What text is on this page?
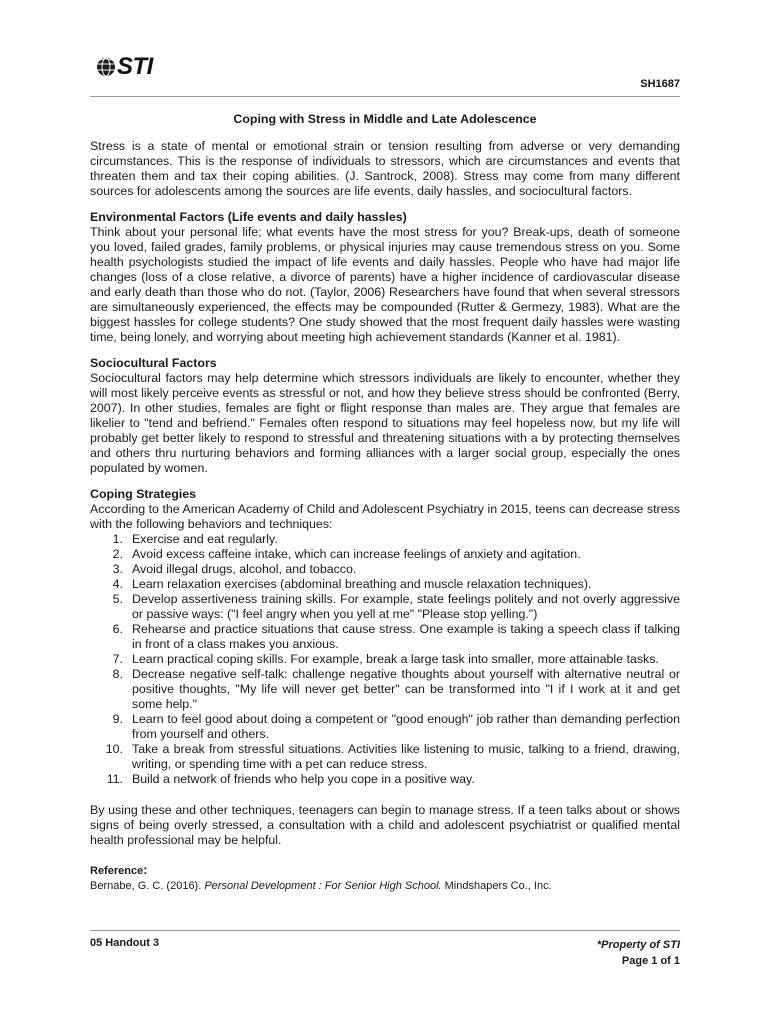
STI
SH1687

Coping with Stress in Middle and Late Adolescence

Stress is a state of mental or emotional strain or tension resulting from adverse or very demanding circumstances. This is the response of individuals to stressors, which are circumstances and events that threaten them and tax their coping abilities. (J. Santrock, 2008). Stress may come from many different sources for adolescents among the sources are life events, daily hassles, and sociocultural factors.

Environmental Factors (Life events and daily hassles)

Think about your personal life; what events have the most stress for you? Break-ups, death of someone you loved, failed grades, family problems, or physical injuries may cause tremendous stress on you. Some health psychologists studied the impact of life events and daily hassles. People who have had major life changes (loss of a close relative, a divorce of parents) have a higher incidence of cardiovascular disease and early death than those who do not. (Taylor, 2006) Researchers have found that when several stressors are simultaneously experienced, the effects may be compounded (Rutter & Germezy, 1983). What are the biggest hassles for college students? One study showed that the most frequent daily hassles were wasting time, being lonely, and worrying about meeting high achievement standards (Kanner et al. 1981).

Sociocultural Factors

Sociocultural factors may help determine which stressors individuals are likely to encounter, whether they will most likely perceive events as stressful or not, and how they believe stress should be confronted (Berry, 2007). In other studies, females are fight or flight response than males are. They argue that females are likelier to "tend and befriend." Females often respond to situations may feel hopeless now, but my life will probably get better likely to respond to stressful and threatening situations with a by protecting themselves and others thru nurturing behaviors and forming alliances with a larger social group, especially the ones populated by women.

Coping Strategies

According to the American Academy of Child and Adolescent Psychiatry in 2015, teens can decrease stress with the following behaviors and techniques:

1. Exercise and eat regularly.
2. Avoid excess caffeine intake, which can increase feelings of anxiety and agitation.
3. Avoid illegal drugs, alcohol, and tobacco.
4. Learn relaxation exercises (abdominal breathing and muscle relaxation techniques).
5. Develop assertiveness training skills. For example, state feelings politely and not overly aggressive or passive ways: ("I feel angry when you yell at me" "Please stop yelling.")
6. Rehearse and practice situations that cause stress. One example is taking a speech class if talking in front of a class makes you anxious.
7. Learn practical coping skills. For example, break a large task into smaller, more attainable tasks.
8. Decrease negative self-talk: challenge negative thoughts about yourself with alternative neutral or positive thoughts, "My life will never get better" can be transformed into "I if I work at it and get some help."
9. Learn to feel good about doing a competent or "good enough" job rather than demanding perfection from yourself and others.
10. Take a break from stressful situations. Activities like listening to music, talking to a friend, drawing, writing, or spending time with a pet can reduce stress.
11. Build a network of friends who help you cope in a positive way.

By using these and other techniques, teenagers can begin to manage stress. If a teen talks about or shows signs of being overly stressed, a consultation with a child and adolescent psychiatrist or qualified mental health professional may be helpful.

Reference:
Bernabe, G. C. (2016). Personal Development : For Senior High School. Mindshapers Co., Inc.
05 Handout 3	*Property of STI
Page 1 of 1
